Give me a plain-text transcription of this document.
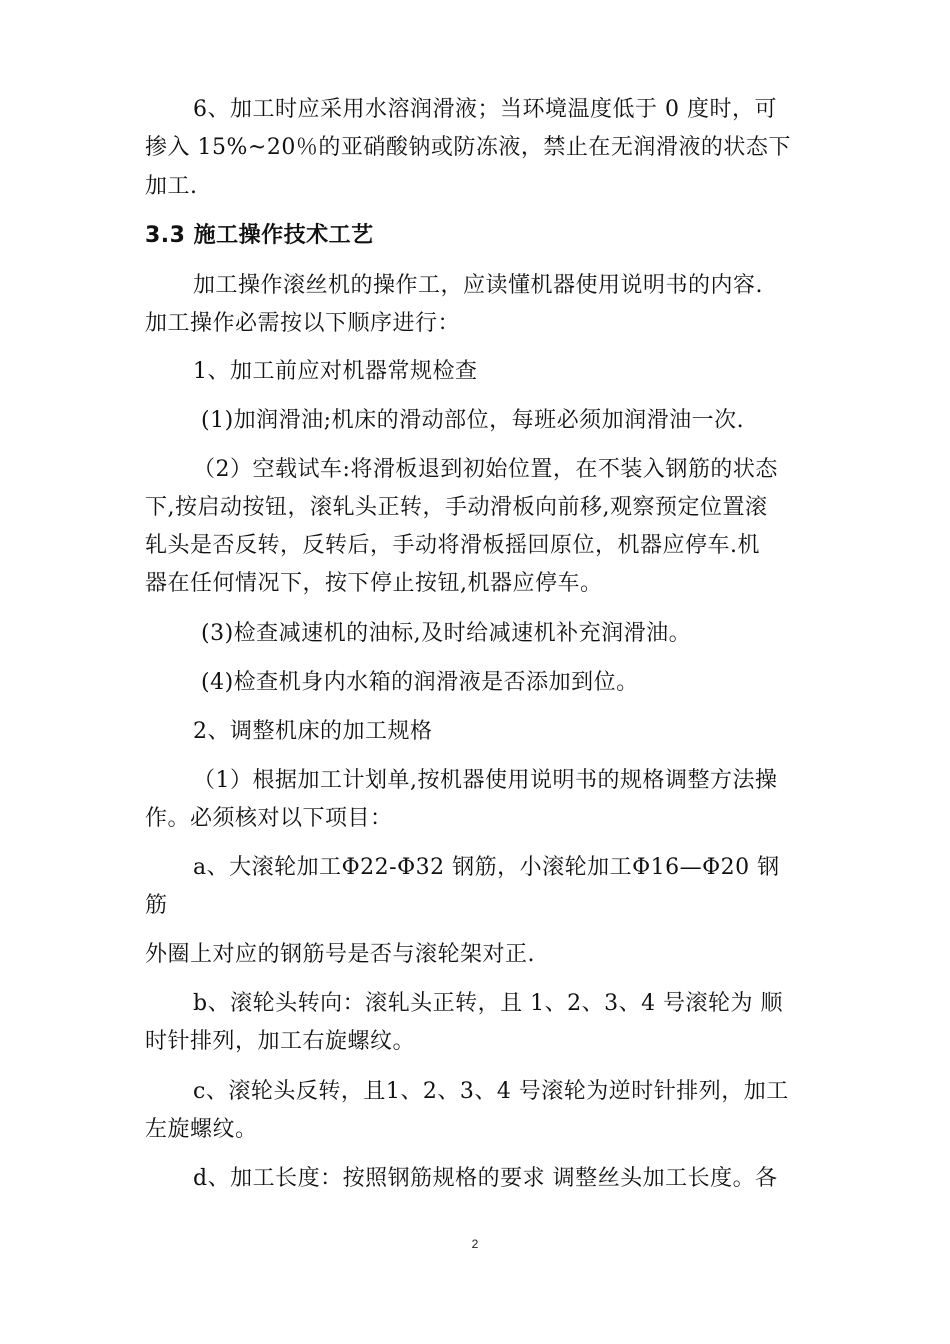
6、加工时应采用水溶润滑液；当环境温度低于 0 度时，可
掺入 15%~20％的亚硝酸钠或防冻液，禁止在无润滑液的状态下
加工.
3.3 施工操作技术工艺
加工操作滚丝机的操作工，应读懂机器使用说明书的内容.
加工操作必需按以下顺序进行：
1、加工前应对机器常规检查
(1)加润滑油;机床的滑动部位，每班必须加润滑油一次.
（2）空载试车:将滑板退到初始位置，在不装入钢筋的状态
下,按启动按钮，滚轧头正转，手动滑板向前移,观察预定位置滚
轧头是否反转，反转后，手动将滑板摇回原位，机器应停车.机
器在任何情况下，按下停止按钮,机器应停车。
(3)检查减速机的油标,及时给减速机补充润滑油。
(4)检查机身内水箱的润滑液是否添加到位。
2、调整机床的加工规格
（1）根据加工计划单,按机器使用说明书的规格调整方法操
作。必须核对以下项目：
a、大滚轮加工Φ22-Φ32 钢筋，小滚轮加工Φ16—Φ20 钢
筋
外圈上对应的钢筋号是否与滚轮架对正.
b、滚轮头转向：滚轧头正转，且 1、2、3、4 号滚轮为 顺
时针排列，加工右旋螺纹。
c、滚轮头反转，且1、2、3、4 号滚轮为逆时针排列，加工
左旋螺纹。
d、加工长度：按照钢筋规格的要求 调整丝头加工长度。各
2
